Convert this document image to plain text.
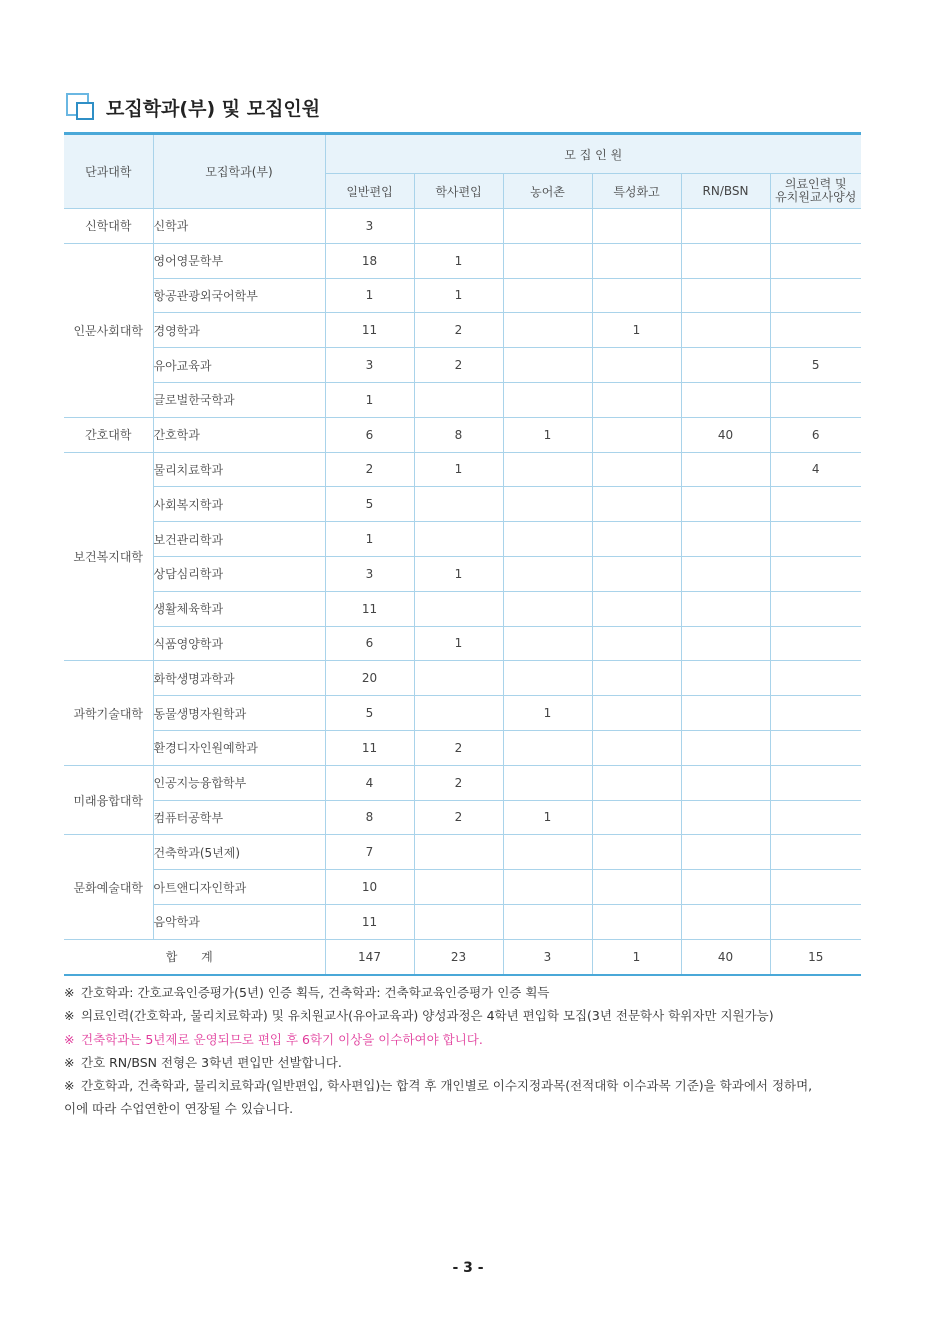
모집학과(부) 및 모집인원
단과대학	모집학과(부)	모 집 인 원					
		일반편입	학사편입	농어촌	특성화고	RN/BSN	의료인력 및
유치원교사양성
신학대학	신학과	3					
인문사회대학	영어영문학부	18	1				
	항공관광외국어학부	1	1				
	경영학과	11	2		1		
	유아교육과	3	2				5
	글로벌한국학과	1					
간호대학	간호학과	6	8	1		40	6
보건복지대학	물리치료학과	2	1				4
	사회복지학과	5					
	보건관리학과	1					
	상담심리학과	3	1				
	생활체육학과	11					
	식품영양학과	6	1				
과학기술대학	화학생명과학과	20					
	동물생명자원학과	5		1			
	환경디자인원예학과	11	2				
미래융합대학	인공지능융합학부	4	2				
	컴퓨터공학부	8	2	1			
문화예술대학	건축학과(5년제)	7					
	아트앤디자인학과	10					
	음악학과	11					
합 계		147	23	3	1	40	15
※ 간호학과: 간호교육인증평가(5년) 인증 획득, 건축학과: 건축학교육인증평가 인증 획득
※ 의료인력(간호학과, 물리치료학과) 및 유치원교사(유아교육과) 양성과정은 4학년 편입학 모집(3년 전문학사 학위자만 지원가능)
※ 건축학과는 5년제로 운영되므로 편입 후 6학기 이상을 이수하여야 합니다.
※ 간호 RN/BSN 전형은 3학년 편입만 선발합니다.
※ 간호학과, 건축학과, 물리치료학과(일반편입, 학사편입)는 합격 후 개인별로 이수지정과목(전적대학 이수과목 기준)을 학과에서 정하며,
이에 따라 수업연한이 연장될 수 있습니다.
- 3 -
